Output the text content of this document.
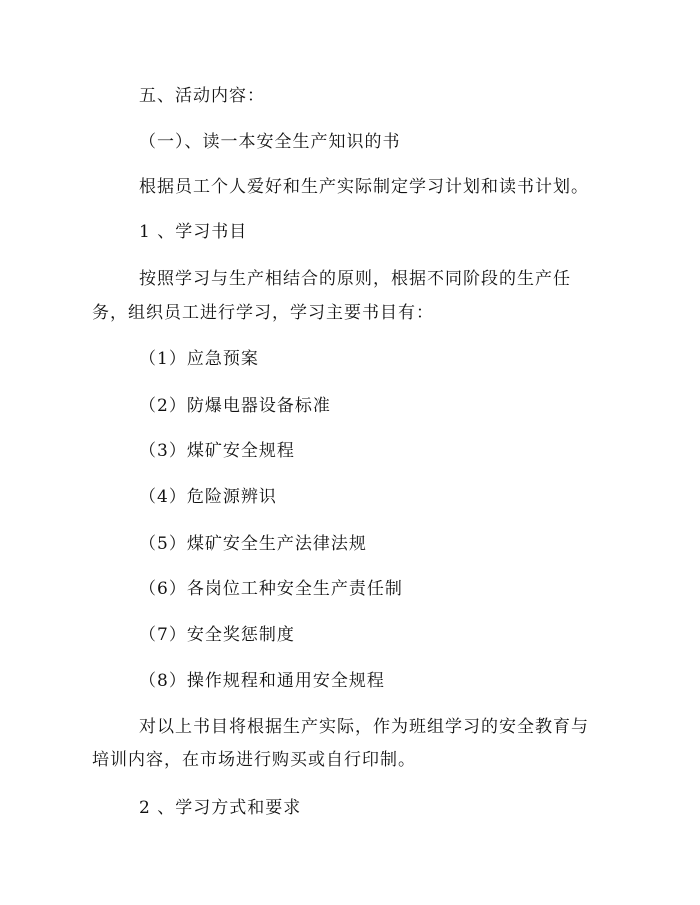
五、活动内容：
（一）、读一本安全生产知识的书
根据员工个人爱好和生产实际制定学习计划和读书计划。
1 、学习书目
按照学习与生产相结合的原则，根据不同阶段的生产任
务，组织员工进行学习，学习主要书目有：
（1）应急预案
（2）防爆电器设备标准
（3）煤矿安全规程
（4）危险源辨识
（5）煤矿安全生产法律法规
（6）各岗位工种安全生产责任制
（7）安全奖惩制度
（8）操作规程和通用安全规程
对以上书目将根据生产实际，作为班组学习的安全教育与
培训内容，在市场进行购买或自行印制。
2 、学习方式和要求
